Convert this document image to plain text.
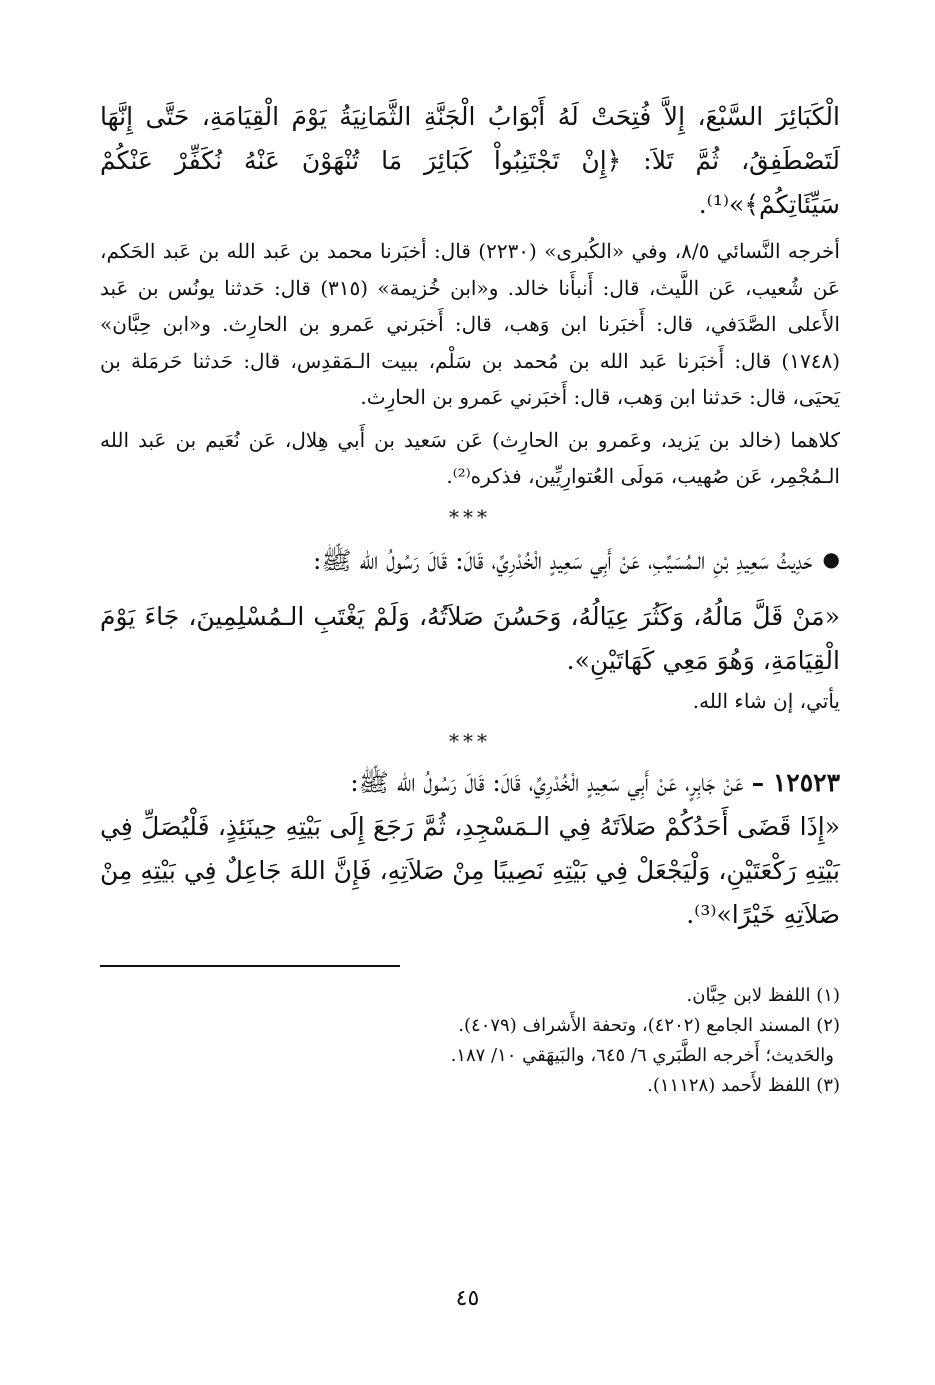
الْكَبَائِرَ السَّبْعَ، إِلاَّ فُتِحَتْ لَهُ أَبْوَابُ الْجَنَّةِ الثَّمَانِيَةُ يَوْمَ الْقِيَامَةِ، حَتَّى إِنَّهَا لَتَصْطَفِقُ، ثُمَّ تَلاَ: ﴿إِنْ تَجْتَنِبُواْ كَبَائِرَ مَا تُنْهَوْنَ عَنْهُ نُكَفِّرْ عَنْكُمْ سَيِّئَاتِكُمْ﴾»⁽¹⁾.

أخرجه النَّسائي ٨/٥، وفي «الكُبرى» (٢٢٣٠) قال: أخبَرنا محمد بن عَبد الله بن عَبد الحَكم، عَن شُعيب، عَن اللَّيث، قال: أَنبأَنا خالد. و«ابن خُزيمة» (٣١٥) قال: حَدثنا يونُس بن عَبد الأَعلى الصَّدَفي، قال: أَخبَرنا ابن وَهب، قال: أَخبَرني عَمرو بن الحارِث. و«ابن حِبَّان» (١٧٤٨) قال: أَخبَرنا عَبد الله بن مُحمد بن سَلْم، ببيت الـمَقدِس، قال: حَدثنا حَرمَلة بن يَحيَى، قال: حَدثنا ابن وَهب، قال: أَخبَرني عَمرو بن الحارِث.

كلاهما (خالد بن يَزيد، وعَمرو بن الحارِث) عَن سَعيد بن أَبي هِلال، عَن نُعَيم بن عَبد الله الـمُجْمِر، عَن صُهيب، مَولَى العُتوارِيِّين، فذكره⁽²⁾.

***

●حَدِيثُ سَعِيدِ بْنِ الـمُسَيِّبِ، عَنْ أَبِي سَعِيدٍ الْخُدْرِيِّ، قَالَ: قَالَ رَسُولُ الله ﷺ:

«مَنْ قَلَّ مَالُهُ، وَكَثُرَ عِيَالُهُ، وَحَسُنَ صَلاَتُهُ، وَلَمْ يَغْتَبِ الـمُسْلِمِينَ، جَاءَ يَوْمَ الْقِيَامَةِ، وَهُوَ مَعِي كَهَاتَيْنِ».

يأتي، إن شاء الله.

***

١٢٥٢٣ – عَنْ جَابِرٍ، عَنْ أَبِي سَعِيدٍ الْخُدْرِيِّ، قَالَ: قَالَ رَسُولُ الله ﷺ:

«إِذَا قَضَى أَحَدُكُمْ صَلاَتَهُ فِي الـمَسْجِدِ، ثُمَّ رَجَعَ إِلَى بَيْتِهِ حِينَئِذٍ، فَلْيُصَلِّ فِي بَيْتِهِ رَكْعَتَيْنِ، وَلْيَجْعَلْ فِي بَيْتِهِ نَصِيبًا مِنْ صَلاَتِهِ، فَإِنَّ اللهَ جَاعِلٌ فِي بَيْتِهِ مِنْ صَلاَتِهِ خَيْرًا»⁽³⁾.

(١) اللفظ لابن حِبَّان.

(٢) المسند الجامع (٤٢٠٢)، وتحفة الأَشراف (٤٠٧٩).

والحَديث؛ أَخرجه الطَّبَري ٦/ ٦٤٥، والبَيهَقي ١٠/ ١٨٧.

(٣) اللفظ لأَحمد (١١١٢٨).

٤٥
